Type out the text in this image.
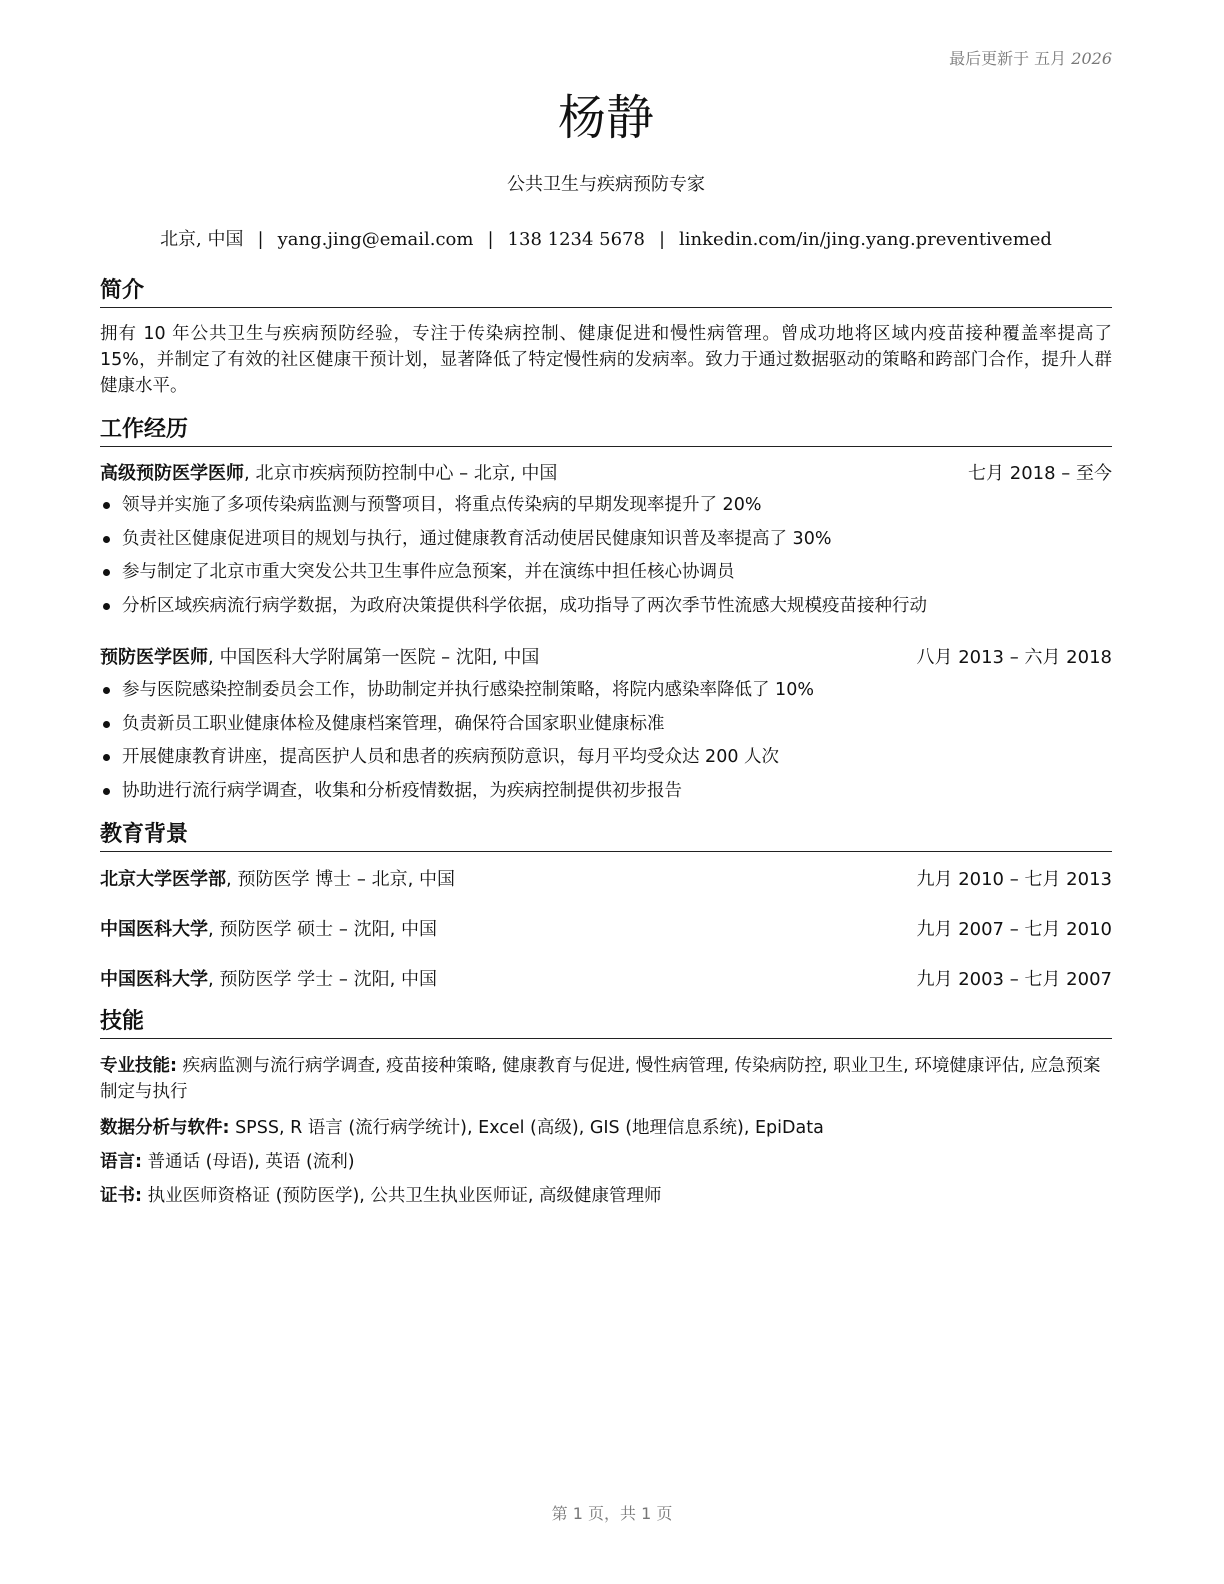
最后更新于 五月 2026
杨静
公共卫生与疾病预防专家
北京, 中国 | yang.jing@email.com | 138 1234 5678 | linkedin.com/in/jing.yang.preventivemed
简介
拥有 10 年公共卫生与疾病预防经验，专注于传染病控制、健康促进和慢性病管理。曾成功地将区域内疫苗接种覆盖率提高了 15%，并制定了有效的社区健康干预计划，显著降低了特定慢性病的发病率。致力于通过数据驱动的策略和跨部门合作，提升人群健康水平。
工作经历
高级预防医学医师, 北京市疾病预防控制中心 – 北京, 中国	七月 2018 – 至今
领导并实施了多项传染病监测与预警项目，将重点传染病的早期发现率提升了 20%
负责社区健康促进项目的规划与执行，通过健康教育活动使居民健康知识普及率提高了 30%
参与制定了北京市重大突发公共卫生事件应急预案，并在演练中担任核心协调员
分析区域疾病流行病学数据，为政府决策提供科学依据，成功指导了两次季节性流感大规模疫苗接种行动
预防医学医师, 中国医科大学附属第一医院 – 沈阳, 中国	八月 2013 – 六月 2018
参与医院感染控制委员会工作，协助制定并执行感染控制策略，将院内感染率降低了 10%
负责新员工职业健康体检及健康档案管理，确保符合国家职业健康标准
开展健康教育讲座，提高医护人员和患者的疾病预防意识，每月平均受众达 200 人次
协助进行流行病学调查，收集和分析疫情数据，为疾病控制提供初步报告
教育背景
北京大学医学部, 预防医学 博士 – 北京, 中国	九月 2010 – 七月 2013
中国医科大学, 预防医学 硕士 – 沈阳, 中国	九月 2007 – 七月 2010
中国医科大学, 预防医学 学士 – 沈阳, 中国	九月 2003 – 七月 2007
技能
专业技能: 疾病监测与流行病学调查, 疫苗接种策略, 健康教育与促进, 慢性病管理, 传染病防控, 职业卫生, 环境健康评估, 应急预案制定与执行
数据分析与软件: SPSS, R 语言 (流行病学统计), Excel (高级), GIS (地理信息系统), EpiData
语言: 普通话 (母语), 英语 (流利)
证书: 执业医师资格证 (预防医学), 公共卫生执业医师证, 高级健康管理师
第 1 页，共 1 页
